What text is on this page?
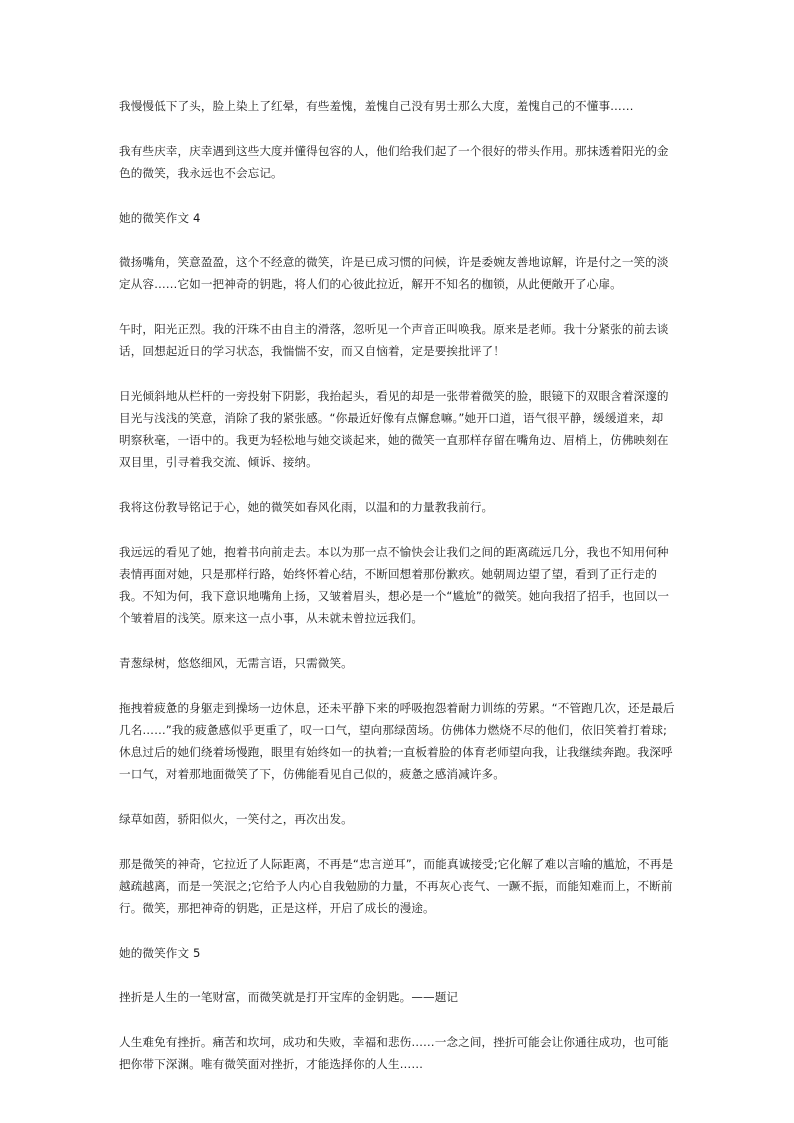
我慢慢低下了头，脸上染上了红晕，有些羞愧，羞愧自己没有男士那么大度，羞愧自己的不懂事……

我有些庆幸，庆幸遇到这些大度并懂得包容的人，他们给我们起了一个很好的带头作用。那抹透着阳光的金色的微笑，我永远也不会忘记。

她的微笑作文 4

微扬嘴角，笑意盈盈，这个不经意的微笑，许是已成习惯的问候，许是委婉友善地谅解，许是付之一笑的淡定从容……它如一把神奇的钥匙，将人们的心彼此拉近，解开不知名的枷锁，从此便敞开了心扉。

午时，阳光正烈。我的汗珠不由自主的滑落，忽听见一个声音正叫唤我。原来是老师。我十分紧张的前去谈话，回想起近日的学习状态，我惴惴不安，而又自恼着，定是要挨批评了！

日光倾斜地从栏杆的一旁投射下阴影，我抬起头，看见的却是一张带着微笑的脸，眼镜下的双眼含着深邃的目光与浅浅的笑意，消除了我的紧张感。“你最近好像有点懈怠嘛。”她开口道，语气很平静，缓缓道来，却明察秋毫，一语中的。我更为轻松地与她交谈起来，她的微笑一直那样存留在嘴角边、眉梢上，仿佛映刻在双目里，引寻着我交流、倾诉、接纳。

我将这份教导铭记于心，她的微笑如春风化雨，以温和的力量教我前行。

我远远的看见了她，抱着书向前走去。本以为那一点不愉快会让我们之间的距离疏远几分，我也不知用何种表情再面对她，只是那样行路，始终怀着心结，不断回想着那份歉疚。她朝周边望了望，看到了正行走的我。不知为何，我下意识地嘴角上扬，又皱着眉头，想必是一个“尴尬”的微笑。她向我招了招手，也回以一个皱着眉的浅笑。原来这一点小事，从未就未曾拉远我们。

青葱绿树，悠悠细风，无需言语，只需微笑。

拖拽着疲惫的身躯走到操场一边休息，还未平静下来的呼吸抱怨着耐力训练的劳累。“不管跑几次，还是最后几名……”我的疲惫感似乎更重了，叹一口气，望向那绿茵场。仿佛体力燃烧不尽的他们，依旧笑着打着球;休息过后的她们绕着场慢跑，眼里有始终如一的执着;一直板着脸的体育老师望向我，让我继续奔跑。我深呼一口气，对着那地面微笑了下，仿佛能看见自己似的，疲惫之感消减许多。

绿草如茵，骄阳似火，一笑付之，再次出发。

那是微笑的神奇，它拉近了人际距离，不再是“忠言逆耳”，而能真诚接受;它化解了难以言喻的尴尬，不再是越疏越离，而是一笑泯之;它给予人内心自我勉励的力量，不再灰心丧气、一蹶不振，而能知难而上，不断前行。微笑，那把神奇的钥匙，正是这样，开启了成长的漫途。

她的微笑作文 5

挫折是人生的一笔财富，而微笑就是打开宝库的金钥匙。——题记

人生难免有挫折。痛苦和坎坷，成功和失败，幸福和悲伤……一念之间，挫折可能会让你通往成功，也可能把你带下深渊。唯有微笑面对挫折，才能选择你的人生……
